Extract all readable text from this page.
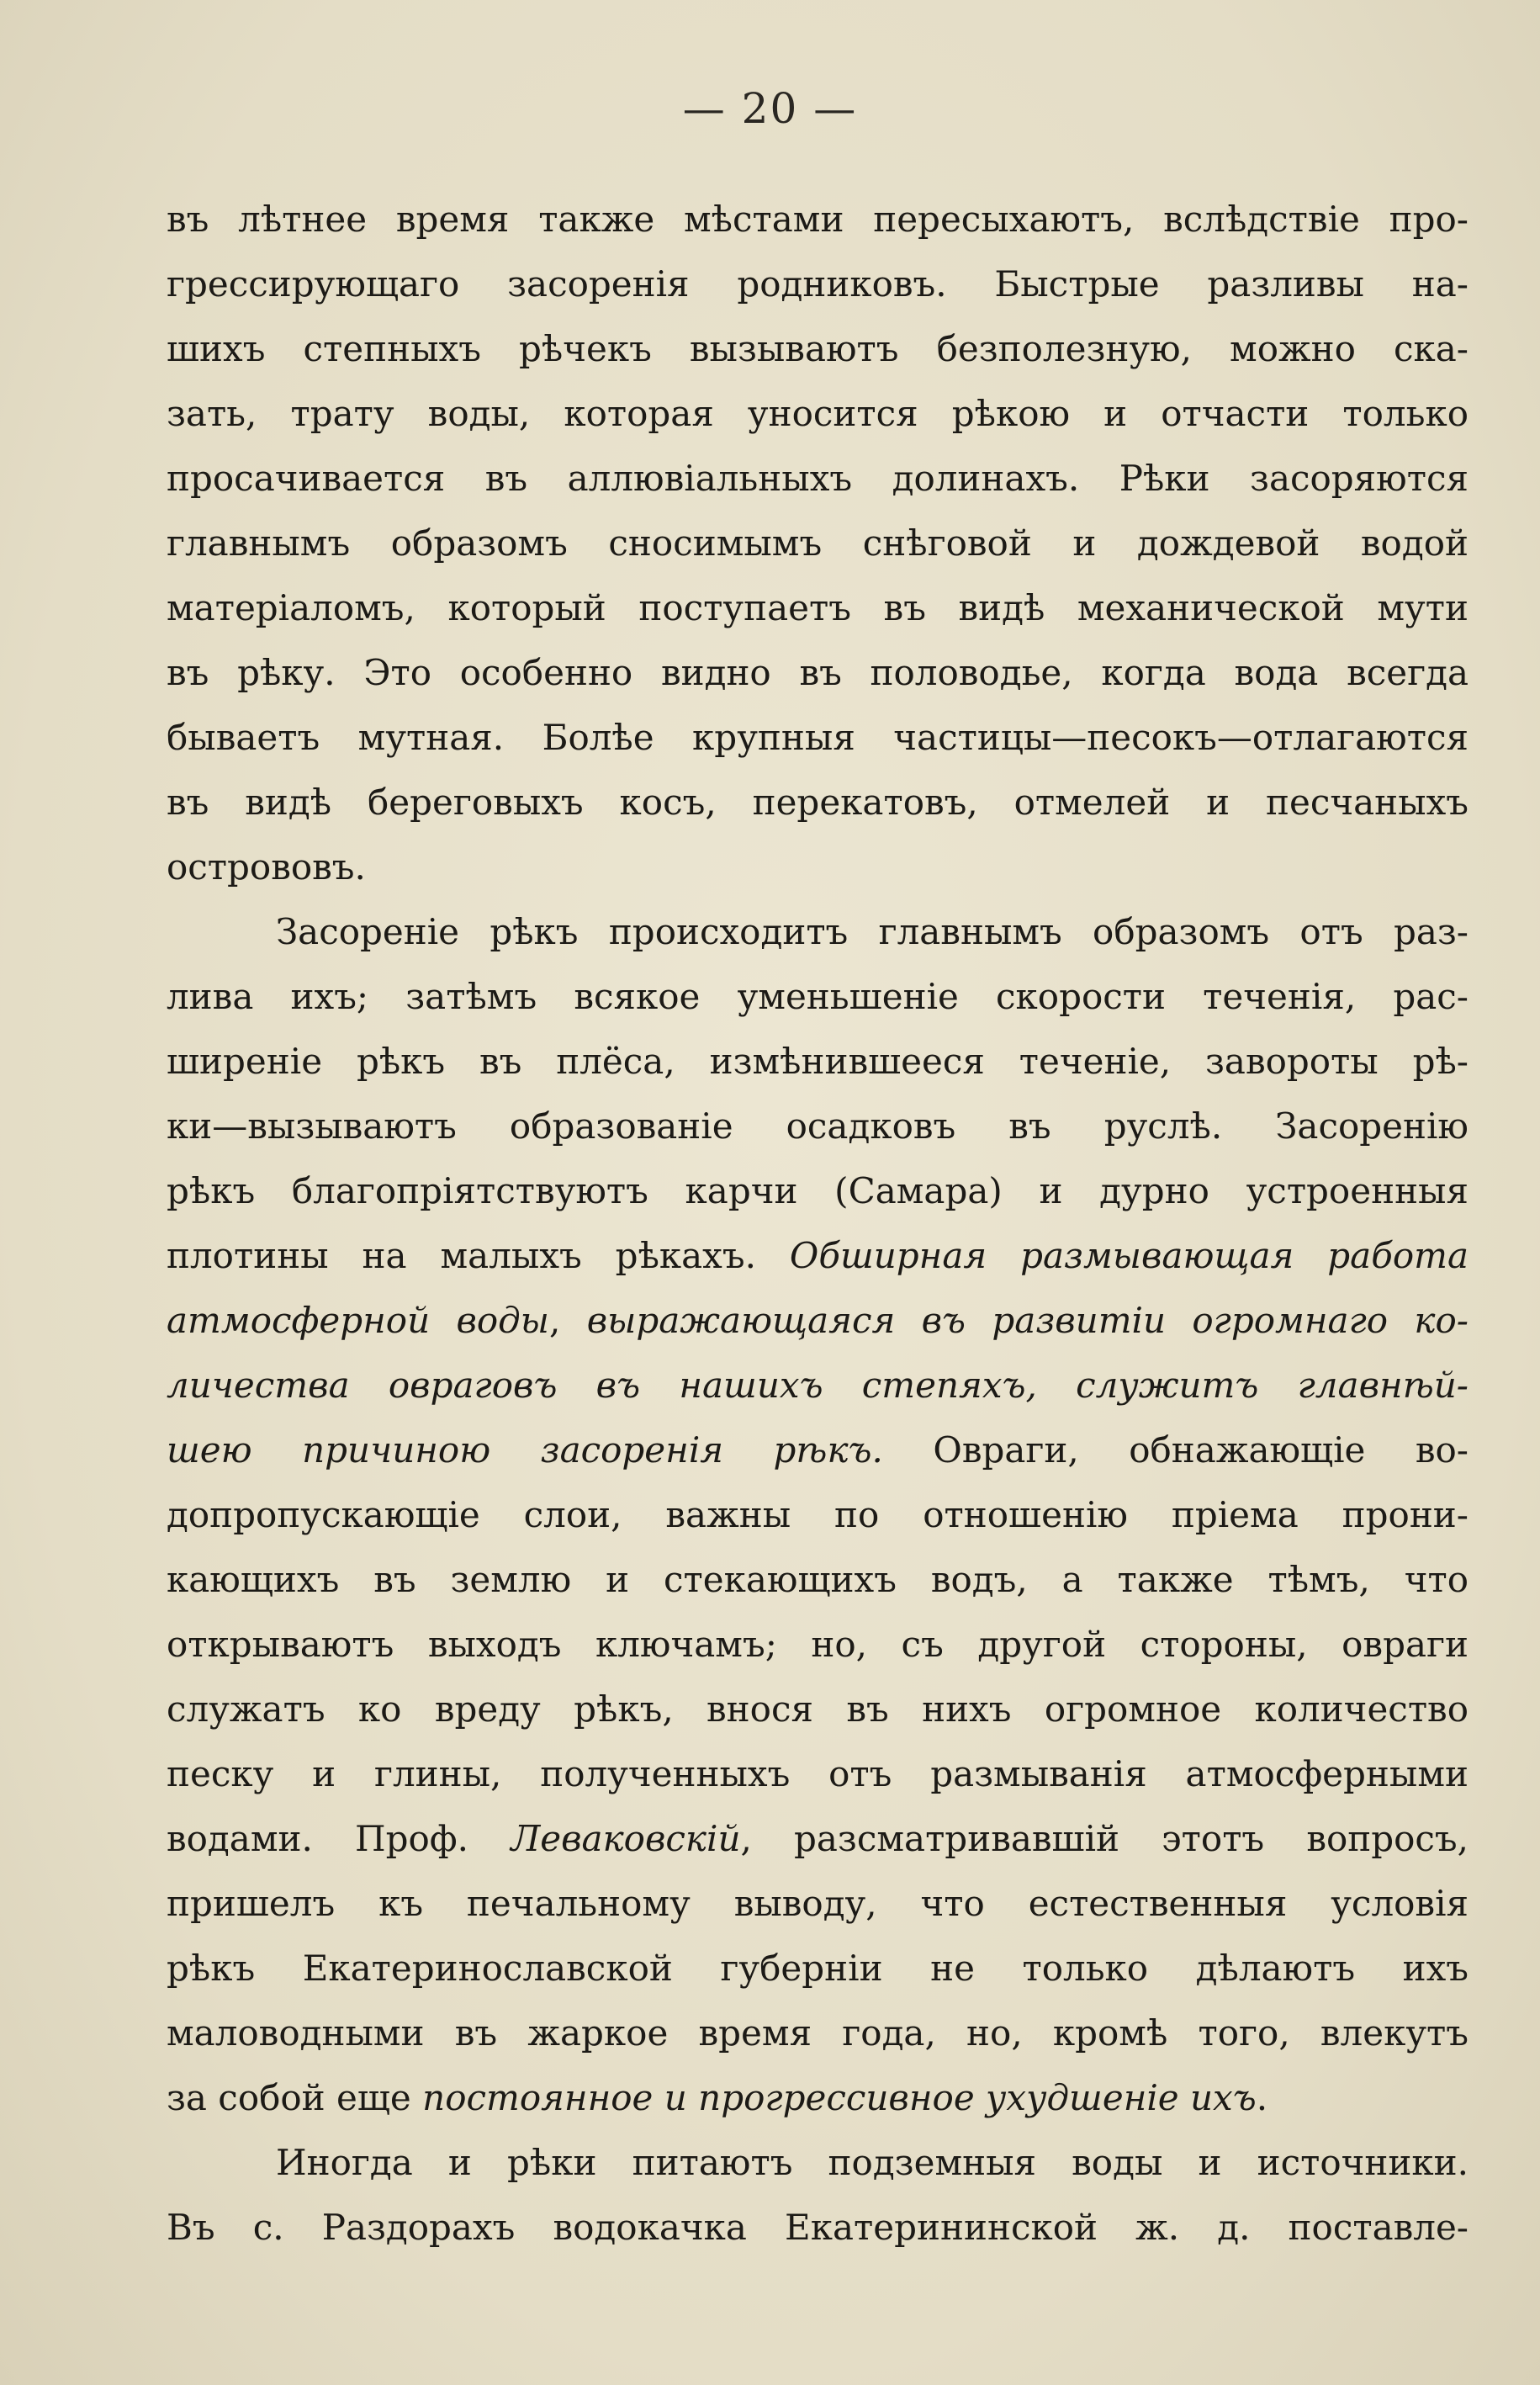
— 20 —
въ лѣтнее время также мѣстами пересыхаютъ, вслѣдствіе про-
грессирующаго засоренія родниковъ. Быстрые разливы на-
шихъ степныхъ рѣчекъ вызываютъ безполезную, можно ска-
зать, трату воды, которая уносится рѣкою и отчасти только
просачивается въ аллювіальныхъ долинахъ. Рѣки засоряются
главнымъ образомъ сносимымъ снѣговой и дождевой водой
матеріаломъ, который поступаетъ въ видѣ механической мути
въ рѣку. Это особенно видно въ половодье, когда вода всегда
бываетъ мутная. Болѣе крупныя частицы—песокъ—отлагаются
въ видѣ береговыхъ косъ, перекатовъ, отмелей и песчаныхъ
острововъ.
Засореніе рѣкъ происходитъ главнымъ образомъ отъ раз-
лива ихъ; затѣмъ всякое уменьшеніе скорости теченія, рас-
ширеніе рѣкъ въ плёса, измѣнившееся теченіе, завороты рѣ-
ки—вызываютъ образованіе осадковъ въ руслѣ. Засоренію
рѣкъ благопріятствуютъ карчи (Самара) и дурно устроенныя
плотины на малыхъ рѣкахъ. Обширная размывающая работа
атмосферной воды, выражающаяся въ развитіи огромнаго ко-
личества овраговъ въ нашихъ степяхъ, служитъ главнѣй-
шею причиною засоренія рѣкъ. Овраги, обнажающіе во-
допропускающіе слои, важны по отношенію пріема прони-
кающихъ въ землю и стекающихъ водъ, а также тѣмъ, что
открываютъ выходъ ключамъ; но, съ другой стороны, овраги
служатъ ко вреду рѣкъ, внося въ нихъ огромное количество
песку и глины, полученныхъ отъ размыванія атмосферными
водами. Проф. Леваковскій, разсматривавшій этотъ вопросъ,
пришелъ къ печальному выводу, что естественныя условія
рѣкъ Екатеринославской губерніи не только дѣлаютъ ихъ
маловодными въ жаркое время года, но, кромѣ того, влекутъ
за собой еще постоянное и прогрессивное ухудшеніе ихъ.
Иногда и рѣки питаютъ подземныя воды и источники.
Въ с. Раздорахъ водокачка Екатерининской ж. д. поставле-
